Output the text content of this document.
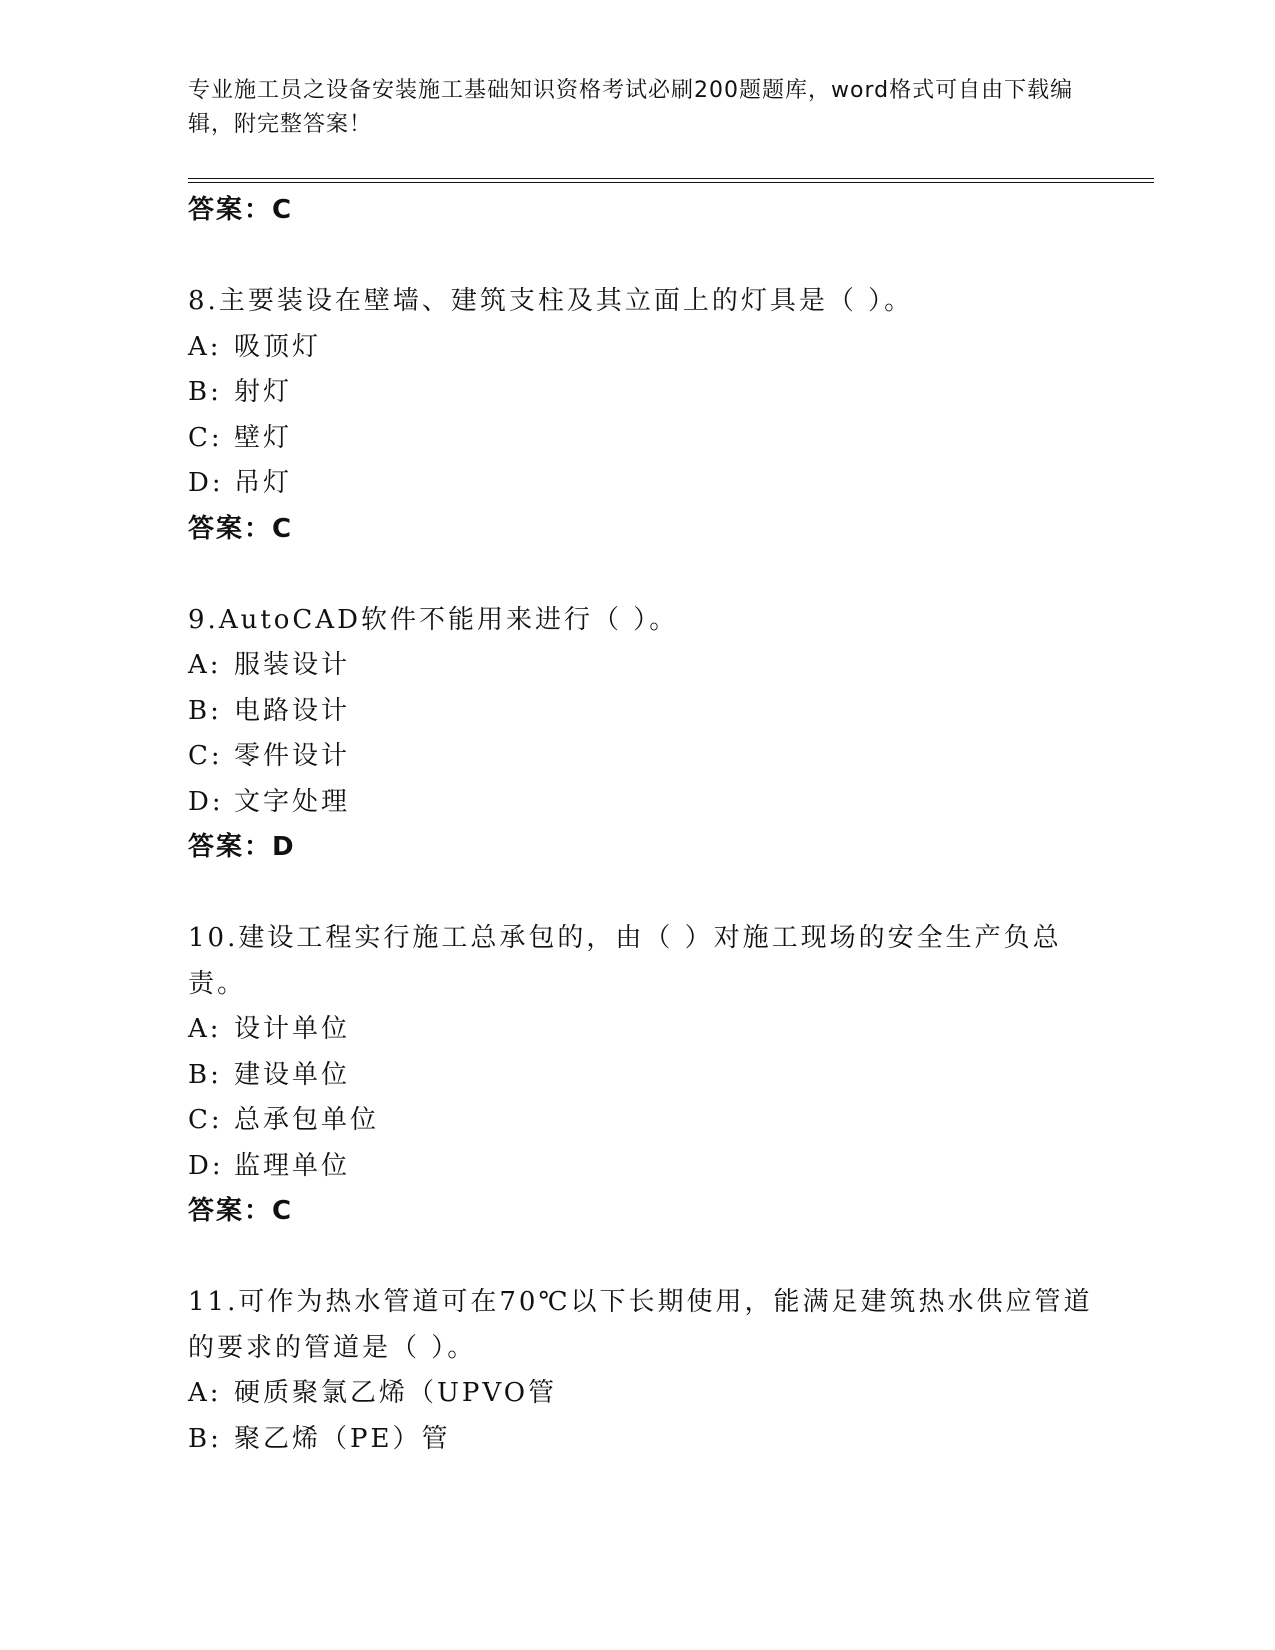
专业施工员之设备安装施工基础知识资格考试必刷200题题库，word格式可自由下载编辑，附完整答案！
答案：C
8.主要装设在壁墙、建筑支柱及其立面上的灯具是（ ）。
A: 吸顶灯
B: 射灯
C: 壁灯
D: 吊灯
答案：C
9.AutoCAD软件不能用来进行（ ）。
A: 服装设计
B: 电路设计
C: 零件设计
D: 文字处理
答案：D
10.建设工程实行施工总承包的，由（ ）对施工现场的安全生产负总
责。
A: 设计单位
B: 建设单位
C: 总承包单位
D: 监理单位
答案：C
11.可作为热水管道可在70℃以下长期使用，能满足建筑热水供应管道
的要求的管道是（ ）。
A: 硬质聚氯乙烯（UPVO管
B: 聚乙烯（PE）管
